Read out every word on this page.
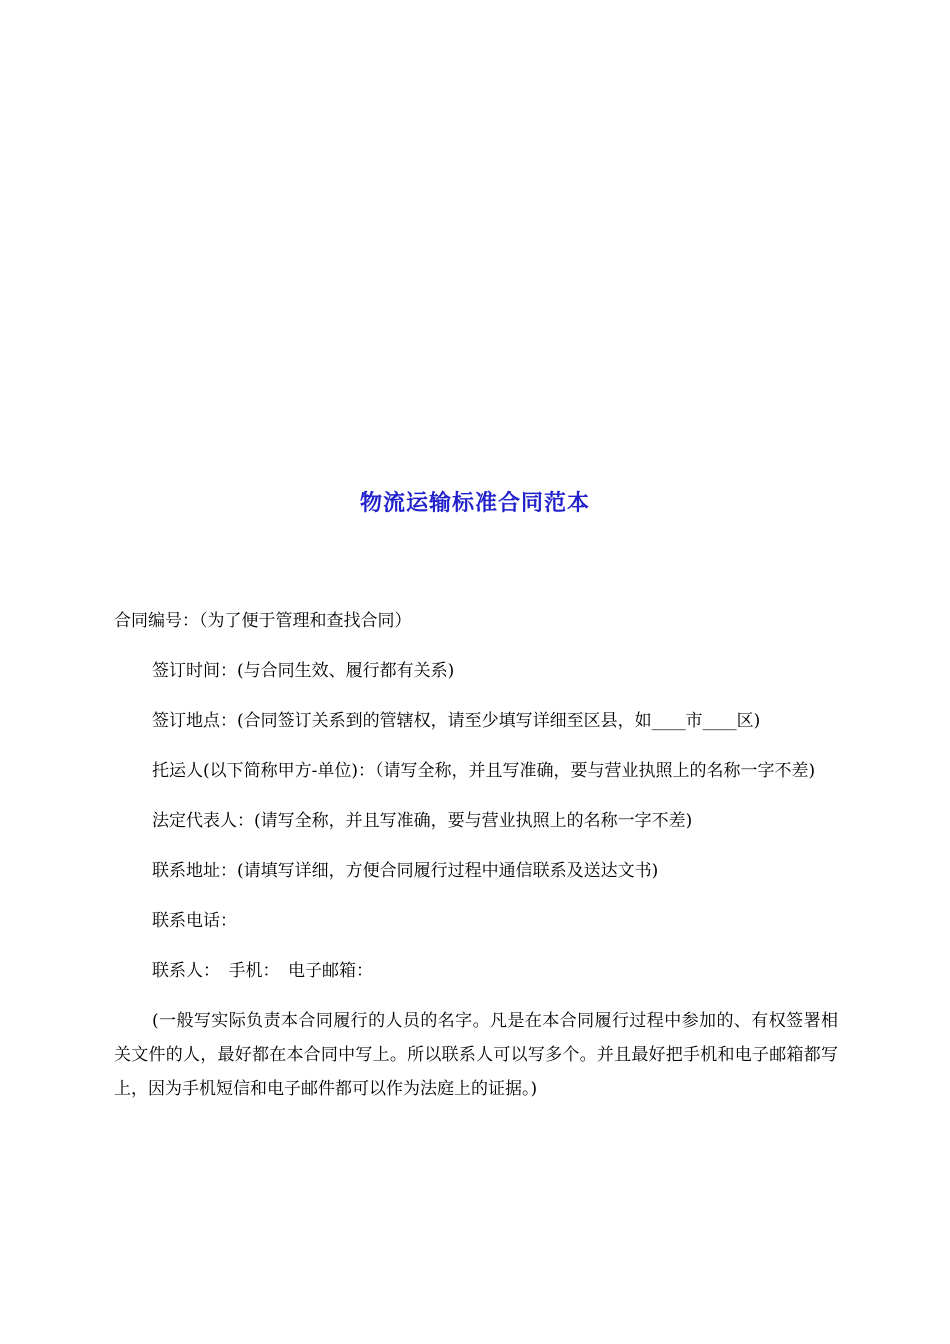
物流运输标准合同范本

合同编号：（为了便于管理和查找合同）

签订时间：(与合同生效、履行都有关系)

签订地点：(合同签订关系到的管辖权，请至少填写详细至区县，如____市____区)

托运人(以下简称甲方-单位)：（请写全称，并且写准确，要与营业执照上的名称一字不差)

法定代表人：(请写全称，并且写准确，要与营业执照上的名称一字不差)

联系地址：(请填写详细，方便合同履行过程中通信联系及送达文书)

联系电话：

联系人：　手机：　电子邮箱：

(一般写实际负责本合同履行的人员的名字。凡是在本合同履行过程中参加的、有权签署相关文件的人，最好都在本合同中写上。所以联系人可以写多个。并且最好把手机和电子邮箱都写上，因为手机短信和电子邮件都可以作为法庭上的证据。)
